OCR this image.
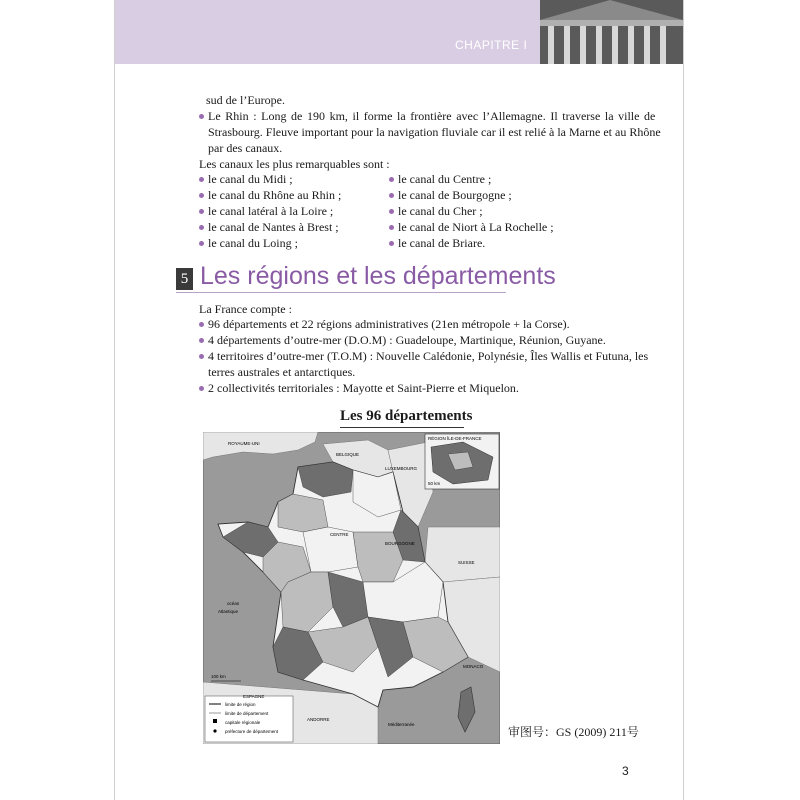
CHAPITRE I
sud de l’Europe.
Le Rhin : Long de 190 km, il forme la frontière avec l’Allemagne. Il traverse la ville de
Strasbourg. Fleuve important pour la navigation fluviale car il est relié à la Marne et au Rhône
par des canaux.
Les canaux les plus remarquables sont :
le canal du Midi ;
le canal du Rhône au Rhin ;
le canal latéral à la Loire ;
le canal de Nantes à Brest ;
le canal du Loing ;
le canal du Centre ;
le canal de Bourgogne ;
le canal du Cher ;
le canal de Niort à La Rochelle ;
le canal de Briare.
5 Les régions et les départements
La France compte :
96 départements et 22 régions administratives (21en métropole + la Corse).
4 départements d’outre-mer (D.O.M) : Guadeloupe, Martinique, Réunion, Guyane.
4 territoires d’outre-mer (T.O.M) : Nouvelle Calédonie, Polynésie, Îles Wallis et Futuna, les
terres australes et antarctiques.
2 collectivités territoriales : Mayotte et Saint-Pierre et Miquelon.
Les 96 départements
ROYAUME-UNI
BELGIQUE
LUXEMBOURG
SUISSE
ESPAGNE
ANDORRE
MONACO
océan
Atlantique
Méditerranée
CENTRE
BOURGOGNE
RÉGION ÎLE-DE-FRANCE
100 km
50 km
limite de région
limite de département
capitale régionale
préfecture de département	审图号：GS (2009) 211号
3
